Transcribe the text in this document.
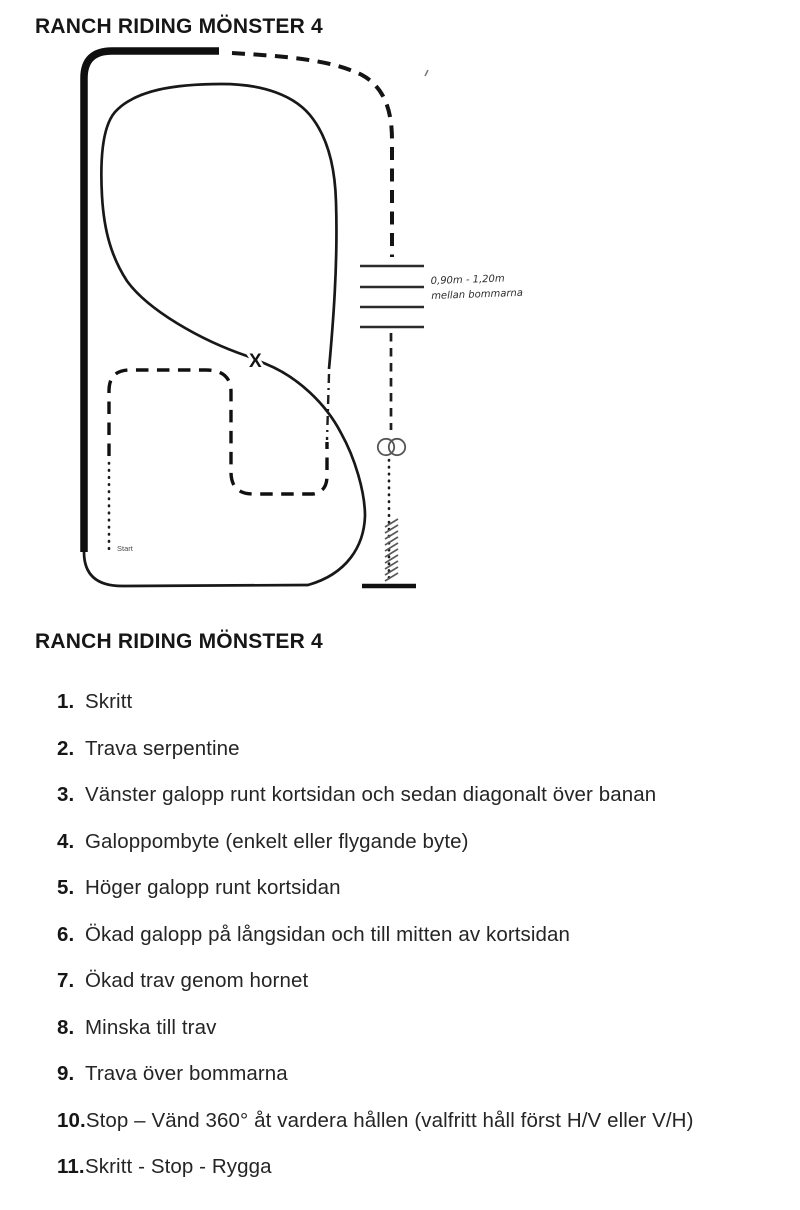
RANCH RIDING MÖNSTER 4
0,90m - 1,20m
mellan bommarna
Start
X
RANCH RIDING MÖNSTER 4
1. Skritt
2. Trava serpentine
3. Vänster galopp runt kortsidan och sedan diagonalt över banan
4. Galoppombyte (enkelt eller flygande byte)
5. Höger galopp runt kortsidan
6. Ökad galopp på långsidan och till mitten av kortsidan
7. Ökad trav genom hornet
8. Minska till trav
9. Trava över bommarna
10. Stop – Vänd 360° åt vardera hållen (valfritt håll först H/V eller V/H)
11. Skritt - Stop - Rygga
